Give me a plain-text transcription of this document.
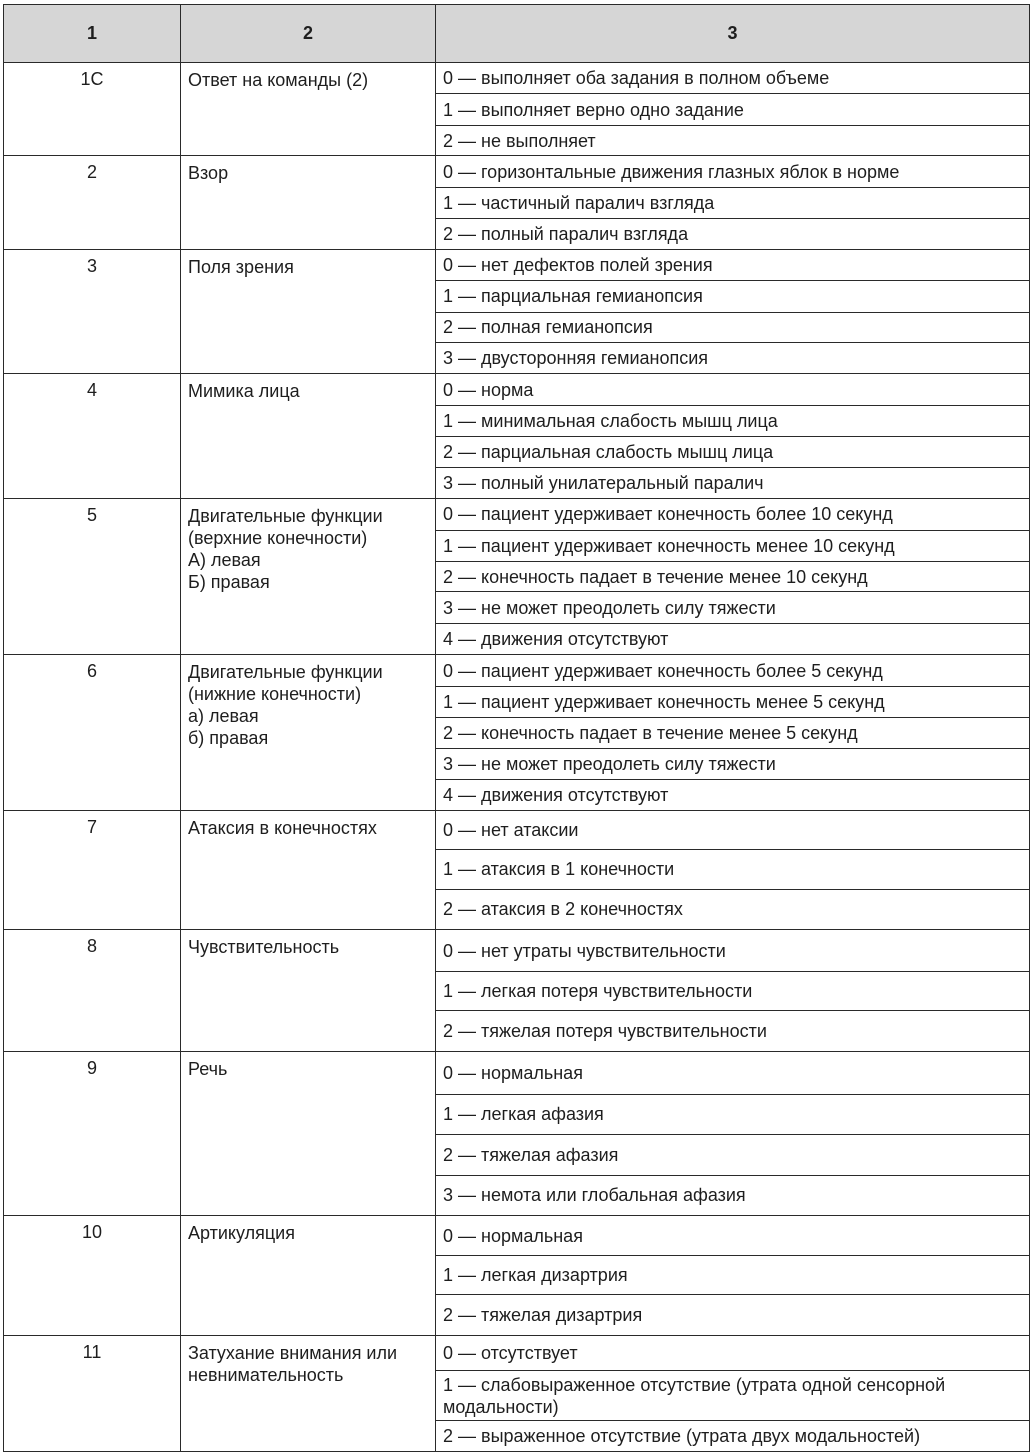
1	2	3
1C	Ответ на команды (2)	0 — выполняет оба задания в полном объеме
		1 — выполняет верно одно задание
		2 — не выполняет
2	Взор	0 — горизонтальные движения глазных яблок в норме
		1 — частичный паралич взгляда
		2 — полный паралич взгляда
3	Поля зрения	0 — нет дефектов полей зрения
		1 — парциальная гемианопсия
		2 — полная гемианопсия
		3 — двусторонняя гемианопсия
4	Мимика лица	0 — норма
		1 — минимальная слабость мышц лица
		2 — парциальная слабость мышц лица
		3 — полный унилатеральный паралич
5	Двигательные функции
(верхние конечности)
А) левая
Б) правая	0 — пациент удерживает конечность более 10 секунд
		1 — пациент удерживает конечность менее 10 секунд
		2 — конечность падает в течение менее 10 секунд
		3 — не может преодолеть силу тяжести
		4 — движения отсутствуют
6	Двигательные функции
(нижние конечности)
а) левая
б) правая	0 — пациент удерживает конечность более 5 секунд
		1 — пациент удерживает конечность менее 5 секунд
		2 — конечность падает в течение менее 5 секунд
		3 — не может преодолеть силу тяжести
		4 — движения отсутствуют
7	Атаксия в конечностях	0 — нет атаксии
		1 — атаксия в 1 конечности
		2 — атаксия в 2 конечностях
8	Чувствительность	0 — нет утраты чувствительности
		1 — легкая потеря чувствительности
		2 — тяжелая потеря чувствительности
9	Речь	0 — нормальная
		1 — легкая афазия
		2 — тяжелая афазия
		3 — немота или глобальная афазия
10	Артикуляция	0 — нормальная
		1 — легкая дизартрия
		2 — тяжелая дизартрия
11	Затухание внимания или
невнимательность	0 — отсутствует
		1 — слабовыраженное отсутствие (утрата одной сенсорной модальности)
		2 — выраженное отсутствие (утрата двух модальностей)
